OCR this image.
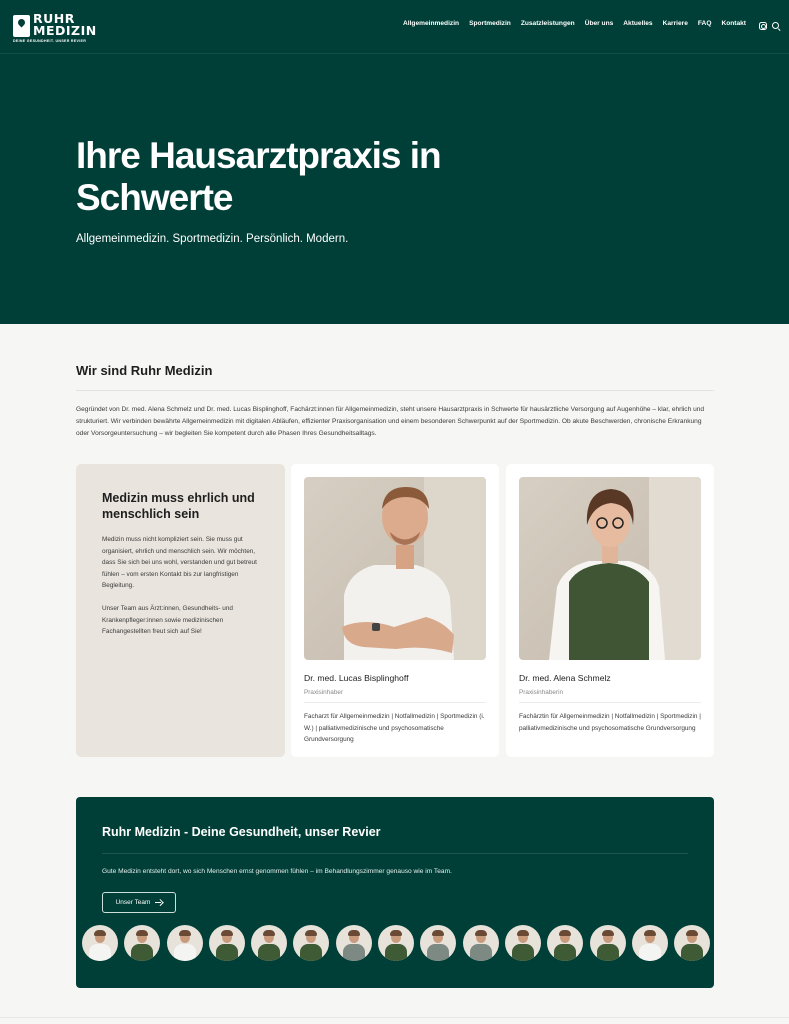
RUHR
MEDIZIN
DEINE GESUNDHEIT. UNSER REVIER
Allgemeinmedizin Sportmedizin Zusatzleistungen Über uns Aktuelles Karriere FAQ Kontakt
Ihre Hausarztpraxis in Schwerte

Allgemeinmedizin. Sportmedizin. Persönlich. Modern.

Wir sind Ruhr Medizin

Gegründet von Dr. med. Alena Schmelz und Dr. med. Lucas Bisplinghoff, Fachärzt:innen für Allgemeinmedizin, steht unsere Hausarztpraxis in Schwerte für hausärztliche Versorgung auf Augenhöhe – klar, ehrlich und strukturiert. Wir verbinden bewährte Allgemeinmedizin mit digitalen Abläufen, effizienter Praxisorganisation und einem besonderen Schwerpunkt auf der Sportmedizin. Ob akute Beschwerden, chronische Erkrankung oder Vorsorgeuntersuchung – wir begleiten Sie kompetent durch alle Phasen Ihres Gesundheitsalltags.

Medizin muss ehrlich und menschlich sein

Medizin muss nicht kompliziert sein. Sie muss gut organisiert, ehrlich und menschlich sein. Wir möchten, dass Sie sich bei uns wohl, verstanden und gut betreut fühlen – vom ersten Kontakt bis zur langfristigen Begleitung.

Unser Team aus Ärzt:innen, Gesundheits- und Krankenpfleger:innen sowie medizinischen Fachangestellten freut sich auf Sie!

Dr. med. Lucas Bisplinghoff
Praxisinhaber

Facharzt für Allgemeinmedizin | Notfallmedizin | Sportmedizin (i. W.) | palliativmedizinische und psychosomatische Grundversorgung

Dr. med. Alena Schmelz
Praxisinhaberin

Fachärztin für Allgemeinmedizin | Notfallmedizin | Sportmedizin | palliativmedizinische und psychosomatische Grundversorgung

Ruhr Medizin - Deine Gesundheit, unser Revier

Gute Medizin entsteht dort, wo sich Menschen ernst genommen fühlen – im Behandlungszimmer genauso wie im Team.

Unser Team
